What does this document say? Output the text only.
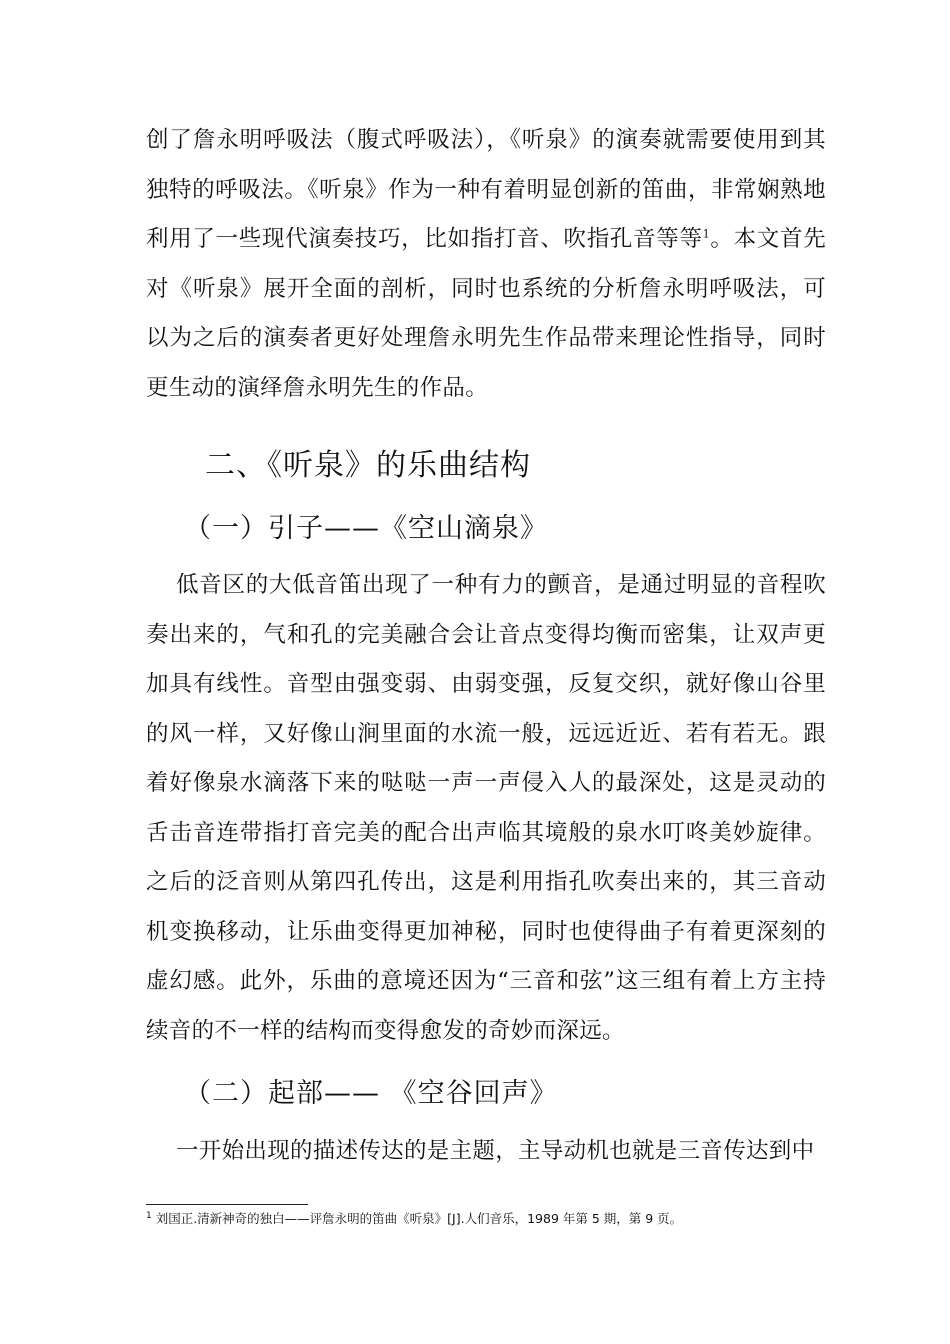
创了詹永明呼吸法（腹式呼吸法），《听泉》的演奏就需要使用到其独特的呼吸法。《听泉》作为一种有着明显创新的笛曲，非常娴熟地利用了一些现代演奏技巧，比如指打音、吹指孔音等等$^1$。本文首先对《听泉》展开全面的剖析，同时也系统的分析詹永明呼吸法，可以为之后的演奏者更好处理詹永明先生作品带来理论性指导，同时更生动的演绎詹永明先生的作品。

二、《听泉》的乐曲结构
（一）引子——《空山滴泉》

低音区的大低音笛出现了一种有力的颤音，是通过明显的音程吹奏出来的，气和孔的完美融合会让音点变得均衡而密集，让双声更加具有线性。音型由强变弱、由弱变强，反复交织，就好像山谷里的风一样，又好像山涧里面的水流一般，远远近近、若有若无。跟着好像泉水滴落下来的哒哒一声一声侵入人的最深处，这是灵动的舌击音连带指打音完美的配合出声临其境般的泉水叮咚美妙旋律。之后的泛音则从第四孔传出，这是利用指孔吹奏出来的，其三音动机变换移动，让乐曲变得更加神秘，同时也使得曲子有着更深刻的虚幻感。此外，乐曲的意境还因为“三音和弦”这三组有着上方主持续音的不一样的结构而变得愈发的奇妙而深远。

（二）起部—— 《空谷回声》

一开始出现的描述传达的是主题，主导动机也就是三音传达到中

$^1$ 刘国正.清新神奇的独白——评詹永明的笛曲《听泉》[J].人们音乐，1989 年第 5 期，第 9 页。
